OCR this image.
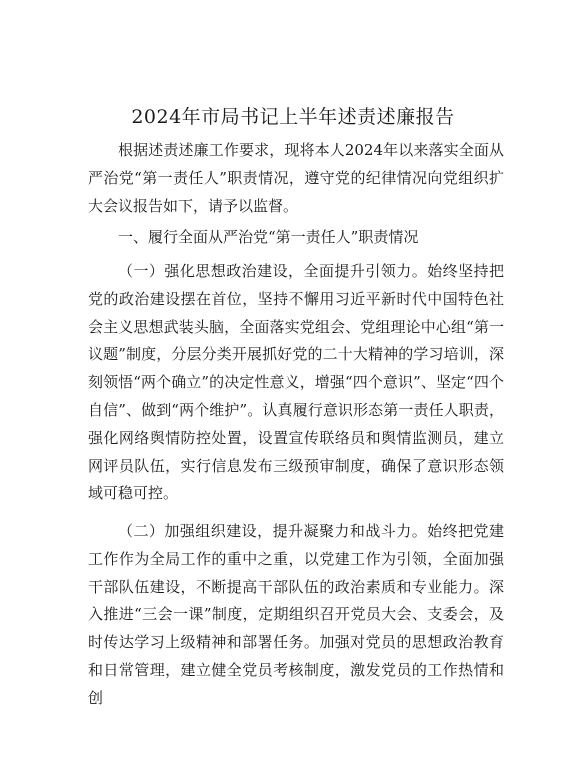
2024年市局书记上半年述责述廉报告

根据述责述廉工作要求，现将本人2024年以来落实全面从严治党“第一责任人”职责情况，遵守党的纪律情况向党组织扩大会议报告如下，请予以监督。

一、履行全面从严治党“第一责任人”职责情况

（一）强化思想政治建设，全面提升引领力。始终坚持把党的政治建设摆在首位，坚持不懈用习近平新时代中国特色社会主义思想武装头脑，全面落实党组会、党组理论中心组“第一议题”制度，分层分类开展抓好党的二十大精神的学习培训，深刻领悟“两个确立”的决定性意义，增强“四个意识”、坚定“四个自信”、做到“两个维护”。认真履行意识形态第一责任人职责，强化网络舆情防控处置，设置宣传联络员和舆情监测员，建立网评员队伍，实行信息发布三级预审制度，确保了意识形态领域可稳可控。

（二）加强组织建设，提升凝聚力和战斗力。始终把党建工作作为全局工作的重中之重，以党建工作为引领，全面加强干部队伍建设，不断提高干部队伍的政治素质和专业能力。深入推进“三会一课”制度，定期组织召开党员大会、支委会，及时传达学习上级精神和部署任务。加强对党员的思想政治教育和日常管理，建立健全党员考核制度，激发党员的工作热情和创
